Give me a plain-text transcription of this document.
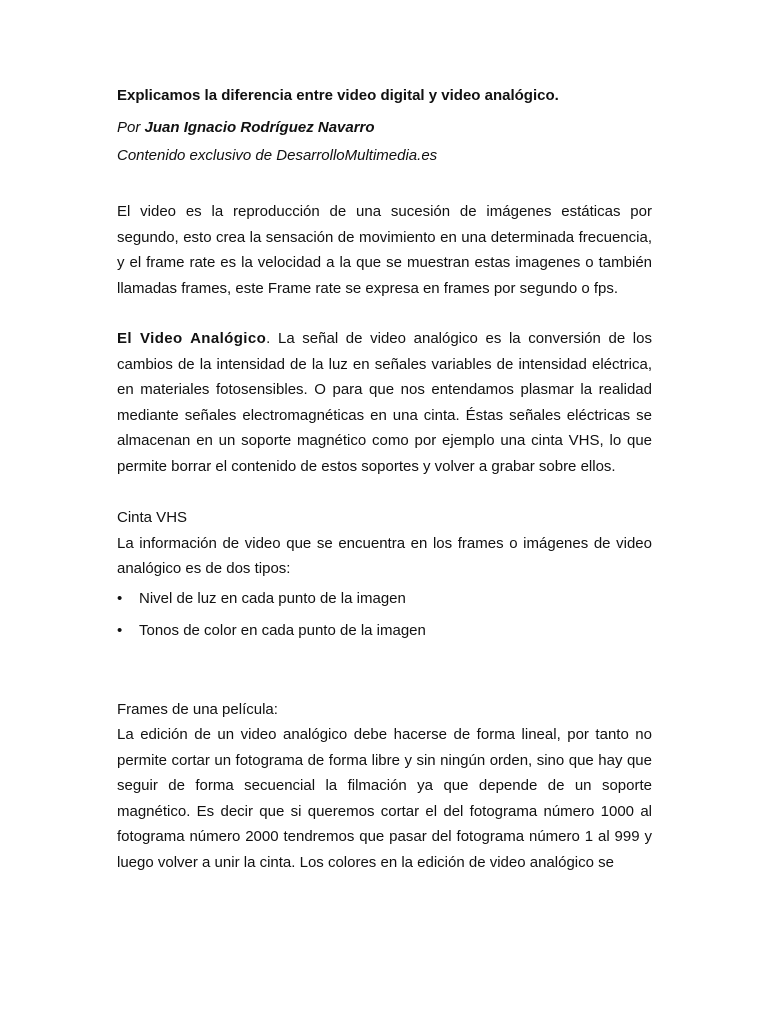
Explicamos la diferencia entre video digital y video analógico.

Por Juan Ignacio Rodríguez Navarro

Contenido exclusivo de DesarrolloMultimedia.es

El video es la reproducción de una sucesión de imágenes estáticas por segundo, esto crea la sensación de movimiento en una determinada frecuencia, y el frame rate es la velocidad a la que se muestran estas imagenes o también llamadas frames, este Frame rate se expresa en frames por segundo o fps.

El Video Analógico. La señal de video analógico es la conversión de los cambios de la intensidad de la luz en señales variables de intensidad eléctrica, en materiales fotosensibles. O para que nos entendamos plasmar la realidad mediante señales electromagnéticas en una cinta. Éstas señales eléctricas se almacenan en un soporte magnético como por ejemplo una cinta VHS, lo que permite borrar el contenido de estos soportes y volver a grabar sobre ellos.

Cinta VHS

La información de video que se encuentra en los frames o imágenes de video analógico es de dos tipos:

• Nivel de luz en cada punto de la imagen
• Tonos de color en cada punto de la imagen

Frames de una película:

La edición de un video analógico debe hacerse de forma lineal, por tanto no permite cortar un fotograma de forma libre y sin ningún orden, sino que hay que seguir de forma secuencial la filmación ya que depende de un soporte magnético. Es decir que si queremos cortar el del fotograma número 1000 al fotograma número 2000 tendremos que pasar del fotograma número 1 al 999 y luego volver a unir la cinta. Los colores en la edición de video analógico se
